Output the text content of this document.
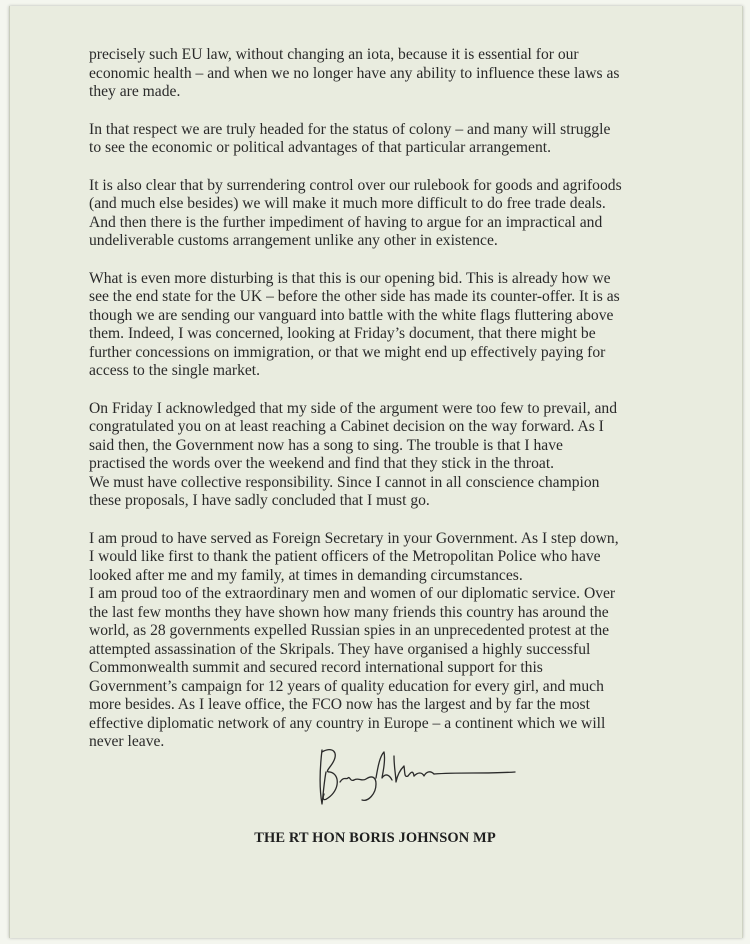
precisely such EU law, without changing an iota, because it is essential for our
economic health – and when we no longer have any ability to influence these laws as
they are made.

In that respect we are truly headed for the status of colony – and many will struggle
to see the economic or political advantages of that particular arrangement.

It is also clear that by surrendering control over our rulebook for goods and agrifoods
(and much else besides) we will make it much more difficult to do free trade deals.
And then there is the further impediment of having to argue for an impractical and
undeliverable customs arrangement unlike any other in existence.

What is even more disturbing is that this is our opening bid. This is already how we
see the end state for the UK – before the other side has made its counter-offer. It is as
though we are sending our vanguard into battle with the white flags fluttering above
them. Indeed, I was concerned, looking at Friday’s document, that there might be
further concessions on immigration, or that we might end up effectively paying for
access to the single market.

On Friday I acknowledged that my side of the argument were too few to prevail, and
congratulated you on at least reaching a Cabinet decision on the way forward. As I
said then, the Government now has a song to sing. The trouble is that I have
practised the words over the weekend and find that they stick in the throat.
We must have collective responsibility. Since I cannot in all conscience champion
these proposals, I have sadly concluded that I must go.

I am proud to have served as Foreign Secretary in your Government. As I step down,
I would like first to thank the patient officers of the Metropolitan Police who have
looked after me and my family, at times in demanding circumstances.
I am proud too of the extraordinary men and women of our diplomatic service. Over
the last few months they have shown how many friends this country has around the
world, as 28 governments expelled Russian spies in an unprecedented protest at the
attempted assassination of the Skripals. They have organised a highly successful
Commonwealth summit and secured record international support for this
Government’s campaign for 12 years of quality education for every girl, and much
more besides. As I leave office, the FCO now has the largest and by far the most
effective diplomatic network of any country in Europe – a continent which we will
never leave.

THE RT HON BORIS JOHNSON MP
